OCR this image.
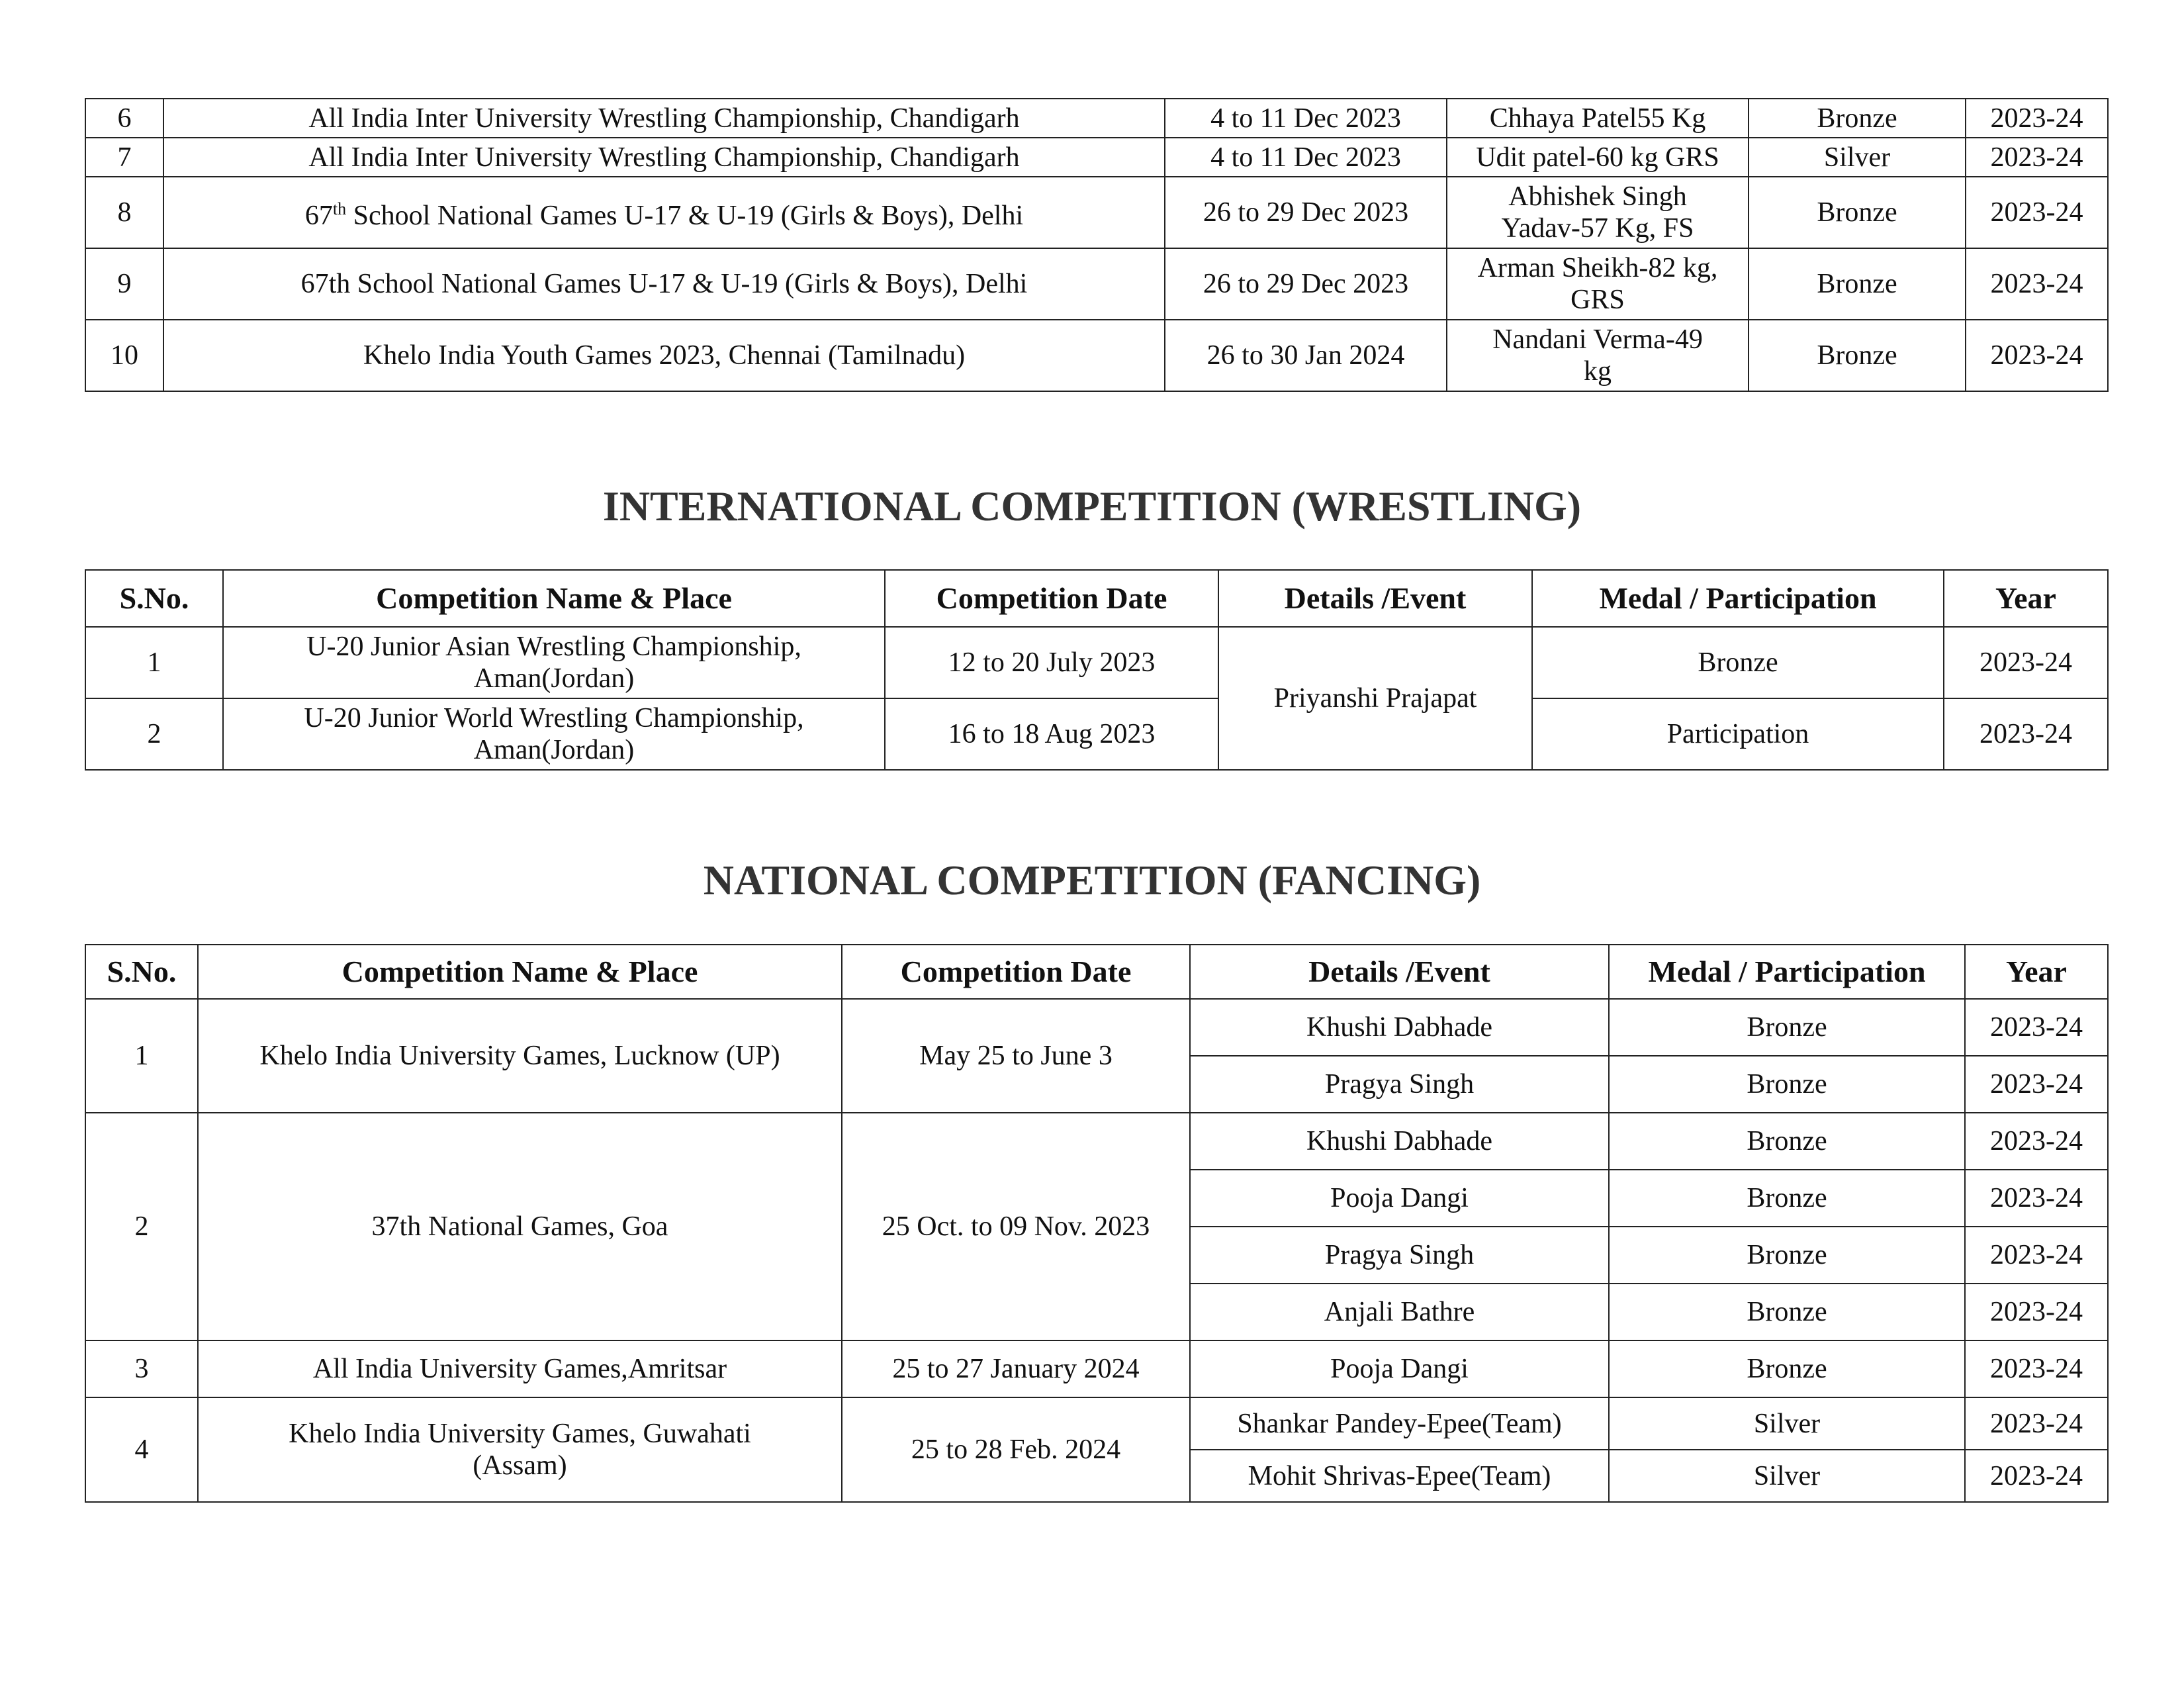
6	All India Inter University Wrestling Championship, Chandigarh	4 to 11 Dec 2023	Chhaya Patel55 Kg	Bronze	2023-24
7	All India Inter University Wrestling Championship, Chandigarh	4 to 11 Dec 2023	Udit patel-60 kg GRS	Silver	2023-24
8	67th School National Games U-17 & U-19 (Girls & Boys), Delhi	26 to 29 Dec 2023	Abhishek Singh
Yadav-57 Kg, FS	Bronze	2023-24
9	67th School National Games U-17 & U-19 (Girls & Boys), Delhi	26 to 29 Dec 2023	Arman Sheikh-82 kg,
GRS	Bronze	2023-24
10	Khelo India Youth Games 2023, Chennai (Tamilnadu)	26 to 30 Jan 2024	Nandani Verma-49
kg	Bronze	2023-24
INTERNATIONAL COMPETITION (WRESTLING)
S.No.	Competition Name & Place	Competition Date	Details /Event	Medal / Participation	Year
1	U-20 Junior Asian Wrestling Championship,
Aman(Jordan)	12 to 20 July 2023	Priyanshi Prajapat	Bronze	2023-24
2	U-20 Junior World Wrestling Championship,
Aman(Jordan)	16 to 18 Aug 2023		Participation	2023-24
NATIONAL COMPETITION (FANCING)
S.No.	Competition Name & Place	Competition Date	Details /Event	Medal / Participation	Year
1	Khelo India University Games, Lucknow (UP)	May 25 to June 3	Khushi Dabhade	Bronze	2023-24
			Pragya Singh	Bronze	2023-24
2	37th National Games, Goa	25 Oct. to 09 Nov. 2023	Khushi Dabhade	Bronze	2023-24
			Pooja Dangi	Bronze	2023-24
			Pragya Singh	Bronze	2023-24
			Anjali Bathre	Bronze	2023-24
3	All India University Games,Amritsar	25 to 27 January 2024	Pooja Dangi	Bronze	2023-24
4	Khelo India University Games, Guwahati
(Assam)	25 to 28 Feb. 2024	Shankar Pandey-Epee(Team)	Silver	2023-24
			Mohit Shrivas-Epee(Team)	Silver	2023-24
